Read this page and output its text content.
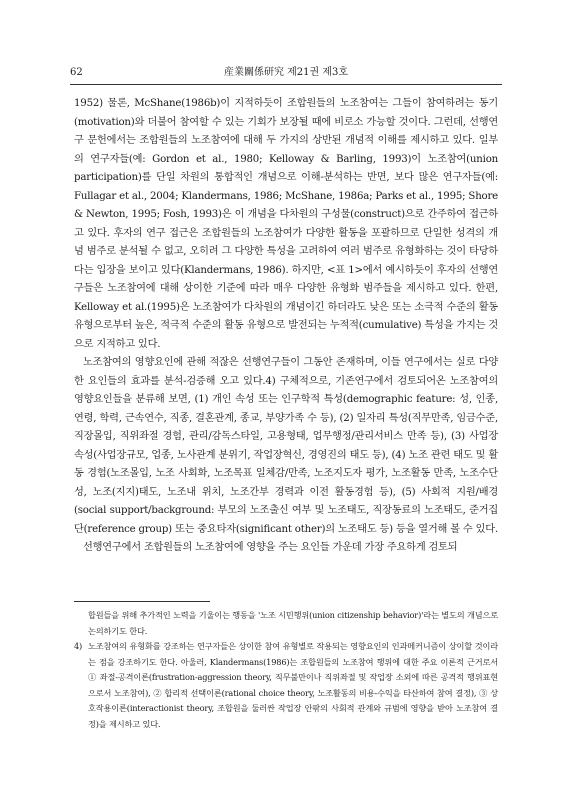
62	産業關係研究 제21권 제3호

1952) 물론, McShane(1986b)이 지적하듯이 조합원들의 노조참여는 그들이 참여하려는 동기(motivation)와 더불어 참여할 수 있는 기회가 보장될 때에 비로소 가능할 것이다. 그런데, 선행연구 문헌에서는 조합원들의 노조참여에 대해 두 가지의 상반된 개념적 이해를 제시하고 있다. 일부의 연구자들(예: Gordon et al., 1980; Kelloway & Barling, 1993)이 노조참여(union participation)를 단일 차원의 통합적인 개념으로 이해-분석하는 반면, 보다 많은 연구자들(예: Fullagar et al., 2004; Klandermans, 1986; McShane, 1986a; Parks et al., 1995; Shore & Newton, 1995; Fosh, 1993)은 이 개념을 다차원의 구성물(construct)으로 간주하여 접근하고 있다. 후자의 연구 접근은 조합원들의 노조참여가 다양한 활동을 포괄하므로 단일한 성격의 개념 범주로 분석될 수 없고, 오히려 그 다양한 특성을 고려하여 여러 범주로 유형화하는 것이 타당하다는 입장을 보이고 있다(Klandermans, 1986). 하지만, <표 1>에서 예시하듯이 후자의 선행연구들은 노조참여에 대해 상이한 기준에 따라 매우 다양한 유형화 범주들을 제시하고 있다. 한편, Kelloway et al.(1995)은 노조참여가 다차원의 개념이긴 하더라도 낮은 또는 소극적 수준의 활동 유형으로부터 높은, 적극적 수준의 활동 유형으로 발전되는 누적적(cumulative) 특성을 가지는 것으로 지적하고 있다.

노조참여의 영향요인에 관해 적잖은 선행연구들이 그동안 존재하며, 이들 연구에서는 실로 다양한 요인들의 효과를 분석-검증해 오고 있다.4) 구체적으로, 기존연구에서 검토되어온 노조참여의 영향요인들을 분류해 보면, (1) 개인 속성 또는 인구학적 특성(demographic feature: 성, 인종, 연령, 학력, 근속연수, 직종, 결혼관계, 종교, 부양가족 수 등), (2) 일자리 특성(직무만족, 임금수준, 직장몰입, 직위좌절 경험, 관리/감독스타일, 고용형태, 업무행정/관리서비스 만족 등), (3) 사업장 속성(사업장규모, 업종, 노사관계 분위기, 작업장혁신, 경영진의 태도 등), (4) 노조 관련 태도 및 활동 경험(노조몰입, 노조 사회화, 노조목표 일체감/만족, 노조지도자 평가, 노조활동 만족, 노조수단성, 노조(지지)태도, 노조내 위치, 노조간부 경력과 이전 활동경험 등), (5) 사회적 지원/배경(social support/background: 부모의 노조출신 여부 및 노조태도, 직장동료의 노조태도, 준거집단(reference group) 또는 중요타자(significant other)의 노조태도 등) 등을 열거해 볼 수 있다.

선행연구에서 조합원들의 노조참여에 영향을 주는 요인들 가운데 가장 주요하게 검토되

합원들을 위해 추가적인 노력을 기울이는 행동을 '노조 시민행위(union citizenship behavior)'라는 별도의 개념으로 논의하기도 한다.

4) 노조참여의 유형화를 강조하는 연구자들은 상이한 참여 유형별로 작용되는 영향요인의 인과메커니즘이 상이할 것이라는 점을 강조하기도 한다. 아울러, Klandermans(1986)는 조합원들의 노조참여 행위에 대한 주요 이론적 근거로서 ① 좌절-공격이론(frustration-aggression theory, 직무불만이나 직위좌절 및 작업장 소외에 따른 공격적 행위표현으로서 노조참여), ② 합리적 선택이론(rational choice theory, 노조활동의 비용-수익을 타산하여 참여 결정), ③ 상호작용이론(interactionist theory, 조합원을 둘러싼 작업장 안팎의 사회적 관계와 규범에 영향을 받아 노조참여 결정)을 제시하고 있다.
